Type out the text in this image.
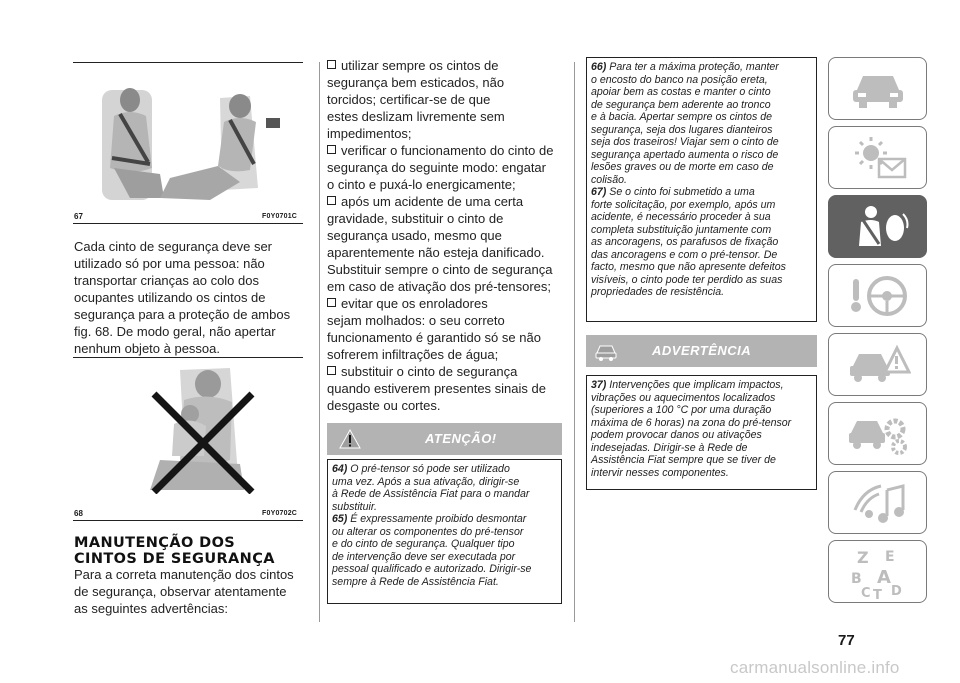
67	F0Y0701C
Cada cinto de segurança deve ser
utilizado só por uma pessoa: não
transportar crianças ao colo dos
ocupantes utilizando os cintos de
segurança para a proteção de ambos
fig. 68. De modo geral, não apertar
nenhum objeto à pessoa.
68	F0Y0702C
MANUTENÇÃO DOS
CINTOS DE SEGURANÇA
Para a correta manutenção dos cintos
de segurança, observar atentamente
as seguintes advertências:
utilizar sempre os cintos de
segurança bem esticados, não
torcidos; certificar-se de que
estes deslizam livremente sem
impedimentos;
verificar o funcionamento do cinto de
segurança do seguinte modo: engatar
o cinto e puxá-lo energicamente;
após um acidente de uma certa
gravidade, substituir o cinto de
segurança usado, mesmo que
aparentemente não esteja danificado.
Substituir sempre o cinto de segurança
em caso de ativação dos pré-tensores;
evitar que os enroladores
sejam molhados: o seu correto
funcionamento é garantido só se não
sofrerem infiltrações de água;
substituir o cinto de segurança
quando estiverem presentes sinais de
desgaste ou cortes.
ATENÇÃO!
64) O pré-tensor só pode ser utilizado
uma vez. Após a sua ativação, dirigir-se
à Rede de Assistência Fiat para o mandar
substituir.
65) É expressamente proibido desmontar
ou alterar os componentes do pré-tensor
e do cinto de segurança. Qualquer tipo
de intervenção deve ser executada por
pessoal qualificado e autorizado. Dirigir-se
sempre à Rede de Assistência Fiat.
66) Para ter a máxima proteção, manter
o encosto do banco na posição ereta,
apoiar bem as costas e manter o cinto
de segurança bem aderente ao tronco
e à bacia. Apertar sempre os cintos de
segurança, seja dos lugares dianteiros
seja dos traseiros! Viajar sem o cinto de
segurança apertado aumenta o risco de
lesões graves ou de morte em caso de
colisão.
67) Se o cinto foi submetido a uma
forte solicitação, por exemplo, após um
acidente, é necessário proceder à sua
completa substituição juntamente com
as ancoragens, os parafusos de fixação
das ancoragens e com o pré-tensor. De
facto, mesmo que não apresente defeitos
visíveis, o cinto pode ter perdido as suas
propriedades de resistência.
ADVERTÊNCIA
37) Intervenções que implicam impactos,
vibrações ou aquecimentos localizados
(superiores a 100 °C por uma duração
máxima de 6 horas) na zona do pré-tensor
podem provocar danos ou ativações
indesejadas. Dirigir-se à Rede de
Assistência Fiat sempre que se tiver de
intervir nesses componentes.
Z E
B A
C T D
77
carmanualsonline.info
